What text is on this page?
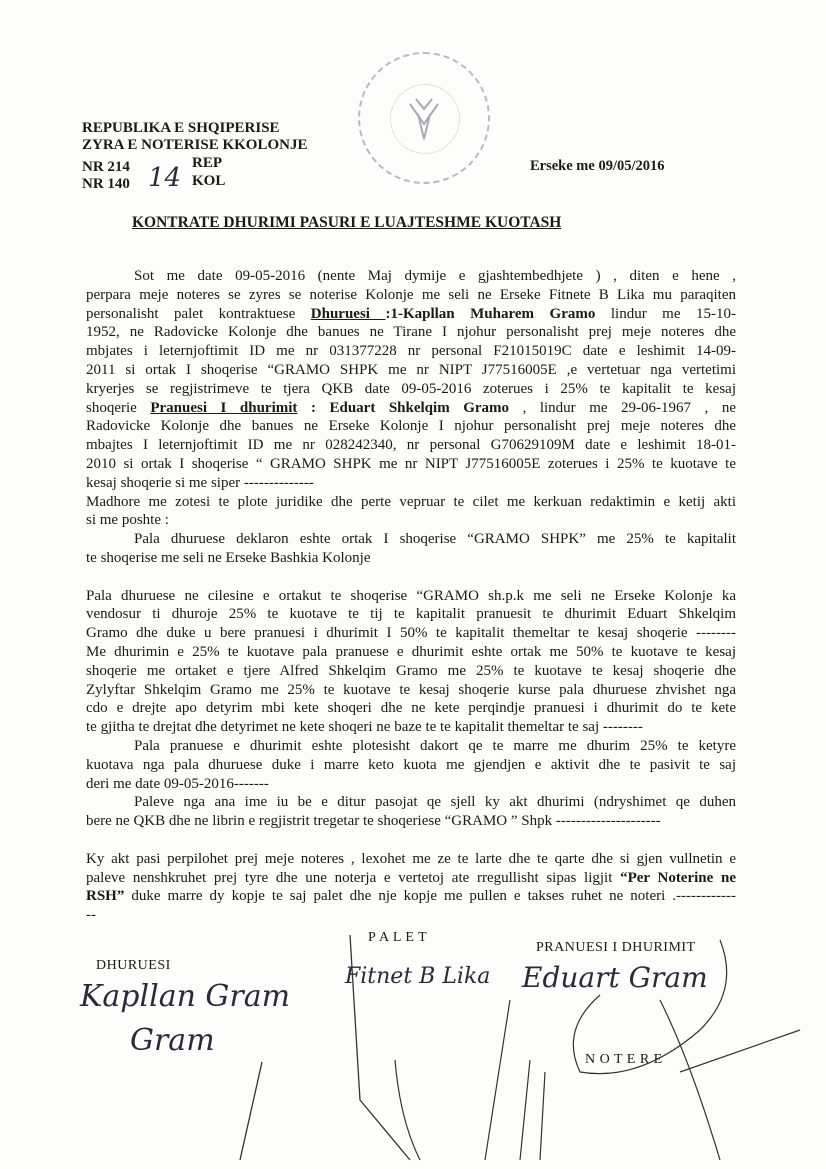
REPUBLIKA E SHQIPERISE
ZYRA E NOTERISE KKOLONJE
NR 214	REP
NR 140	KOL
14	Erseke me 09/05/2016
KONTRATE DHURIMI PASURI E LUAJTESHME KUOTASH
Sot me date 09-05-2016 (nente Maj dymije e gjashtembedhjete ) , diten e hene ,
perpara meje noteres se zyres se noterise Kolonje me seli ne Erseke Fitnete B Lika mu paraqiten
personalisht palet kontraktuese Dhuruesi :1-Kapllan Muharem Gramo lindur me 15-10-
1952, ne Radovicke Kolonje dhe banues ne Tirane I njohur personalisht prej meje noteres dhe
mbjates i leternjoftimit ID me nr 031377228 nr personal F21015019C date e leshimit 14-09-
2011 si ortak I shoqerise “GRAMO SHPK me nr NIPT J77516005E ,e vertetuar nga vertetimi
kryerjes se regjistrimeve te tjera QKB date 09-05-2016 zoterues i 25% te kapitalit te kesaj
shoqerie Pranuesi I dhurimit : Eduart Shkelqim Gramo , lindur me 29-06-1967 , ne
Radovicke Kolonje dhe banues ne Erseke Kolonje I njohur personalisht prej meje noteres dhe
mbajtes I leternjoftimit ID me nr 028242340, nr personal G70629109M date e leshimit 18-01-
2010 si ortak I shoqerise “ GRAMO SHPK me nr NIPT J77516005E zoterues i 25% te kuotave te
kesaj shoqerie si me siper --------------
Madhore me zotesi te plote juridike dhe perte vepruar te cilet me kerkuan redaktimin e ketij akti
si me poshte :
Pala dhuruese deklaron eshte ortak I shoqerise “GRAMO SHPK” me 25% te kapitalit
te shoqerise me seli ne Erseke Bashkia Kolonje
Pala dhuruese ne cilesine e ortakut te shoqerise “GRAMO sh.p.k me seli ne Erseke Kolonje ka
vendosur ti dhuroje 25% te kuotave te tij te kapitalit pranuesit te dhurimit Eduart Shkelqim
Gramo dhe duke u bere pranuesi i dhurimit I 50% te kapitalit themeltar te kesaj shoqerie --------
Me dhurimin e 25% te kuotave pala pranuese e dhurimit eshte ortak me 50% te kuotave te kesaj
shoqerie me ortaket e tjere Alfred Shkelqim Gramo me 25% te kuotave te kesaj shoqerie dhe
Zylyftar Shkelqim Gramo me 25% te kuotave te kesaj shoqerie kurse pala dhuruese zhvishet nga
cdo e drejte apo detyrim mbi kete shoqeri dhe ne kete perqindje pranuesi i dhurimit do te kete
te gjitha te drejtat dhe detyrimet ne kete shoqeri ne baze te te kapitalit themeltar te saj --------
Pala pranuese e dhurimit eshte plotesisht dakort qe te marre me dhurim 25% te ketyre
kuotava nga pala dhuruese duke i marre keto kuota me gjendjen e aktivit dhe te pasivit te saj
deri me date 09-05-2016-------
Paleve nga ana ime iu be e ditur pasojat qe sjell ky akt dhurimi (ndryshimet qe duhen
bere ne QKB dhe ne librin e regjistrit tregetar te shoqeriese “GRAMO ” Shpk ---------------------
Ky akt pasi perpilohet prej meje noteres , lexohet me ze te larte dhe te qarte dhe si gjen vullnetin e
paleve nenshkruhet prej tyre dhe une noterja e vertetoj ate rregullisht sipas ligjit “Per Noterine ne
RSH” duke marre dy kopje te saj palet dhe nje kopje me pullen e takses ruhet ne noteri .------------
--
P A L E T
DHURUESI
PRANUESI I DHURIMIT
N O T E R E
Kapllan Gram
Gram
Fitnet B Lika Eduart Gram
